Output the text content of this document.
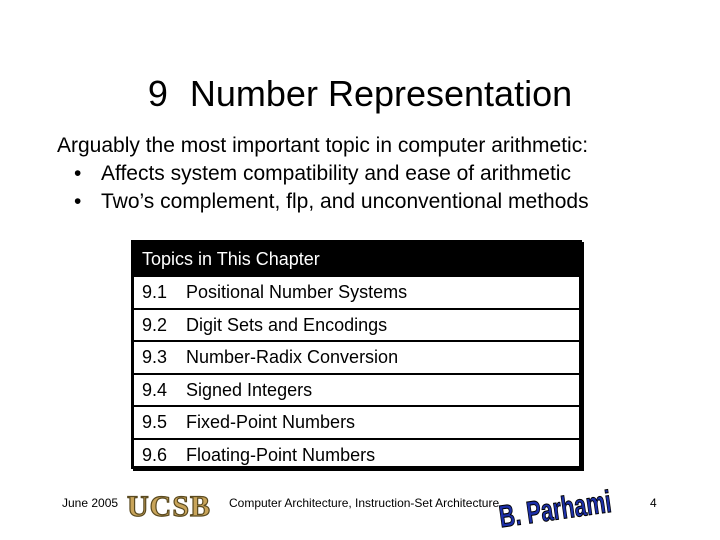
9 Number Representation
Arguably the most important topic in computer arithmetic:
• Affects system compatibility and ease of arithmetic
• Two’s complement, flp, and unconventional methods
Topics in This Chapter
9.1 Positional Number Systems
9.2 Digit Sets and Encodings
9.3 Number-Radix Conversion
9.4 Signed Integers
9.5 Fixed-Point Numbers
9.6 Floating-Point Numbers
June 2005 UCSB Computer Architecture, Instruction-Set Architecture
B. Parhami	4
